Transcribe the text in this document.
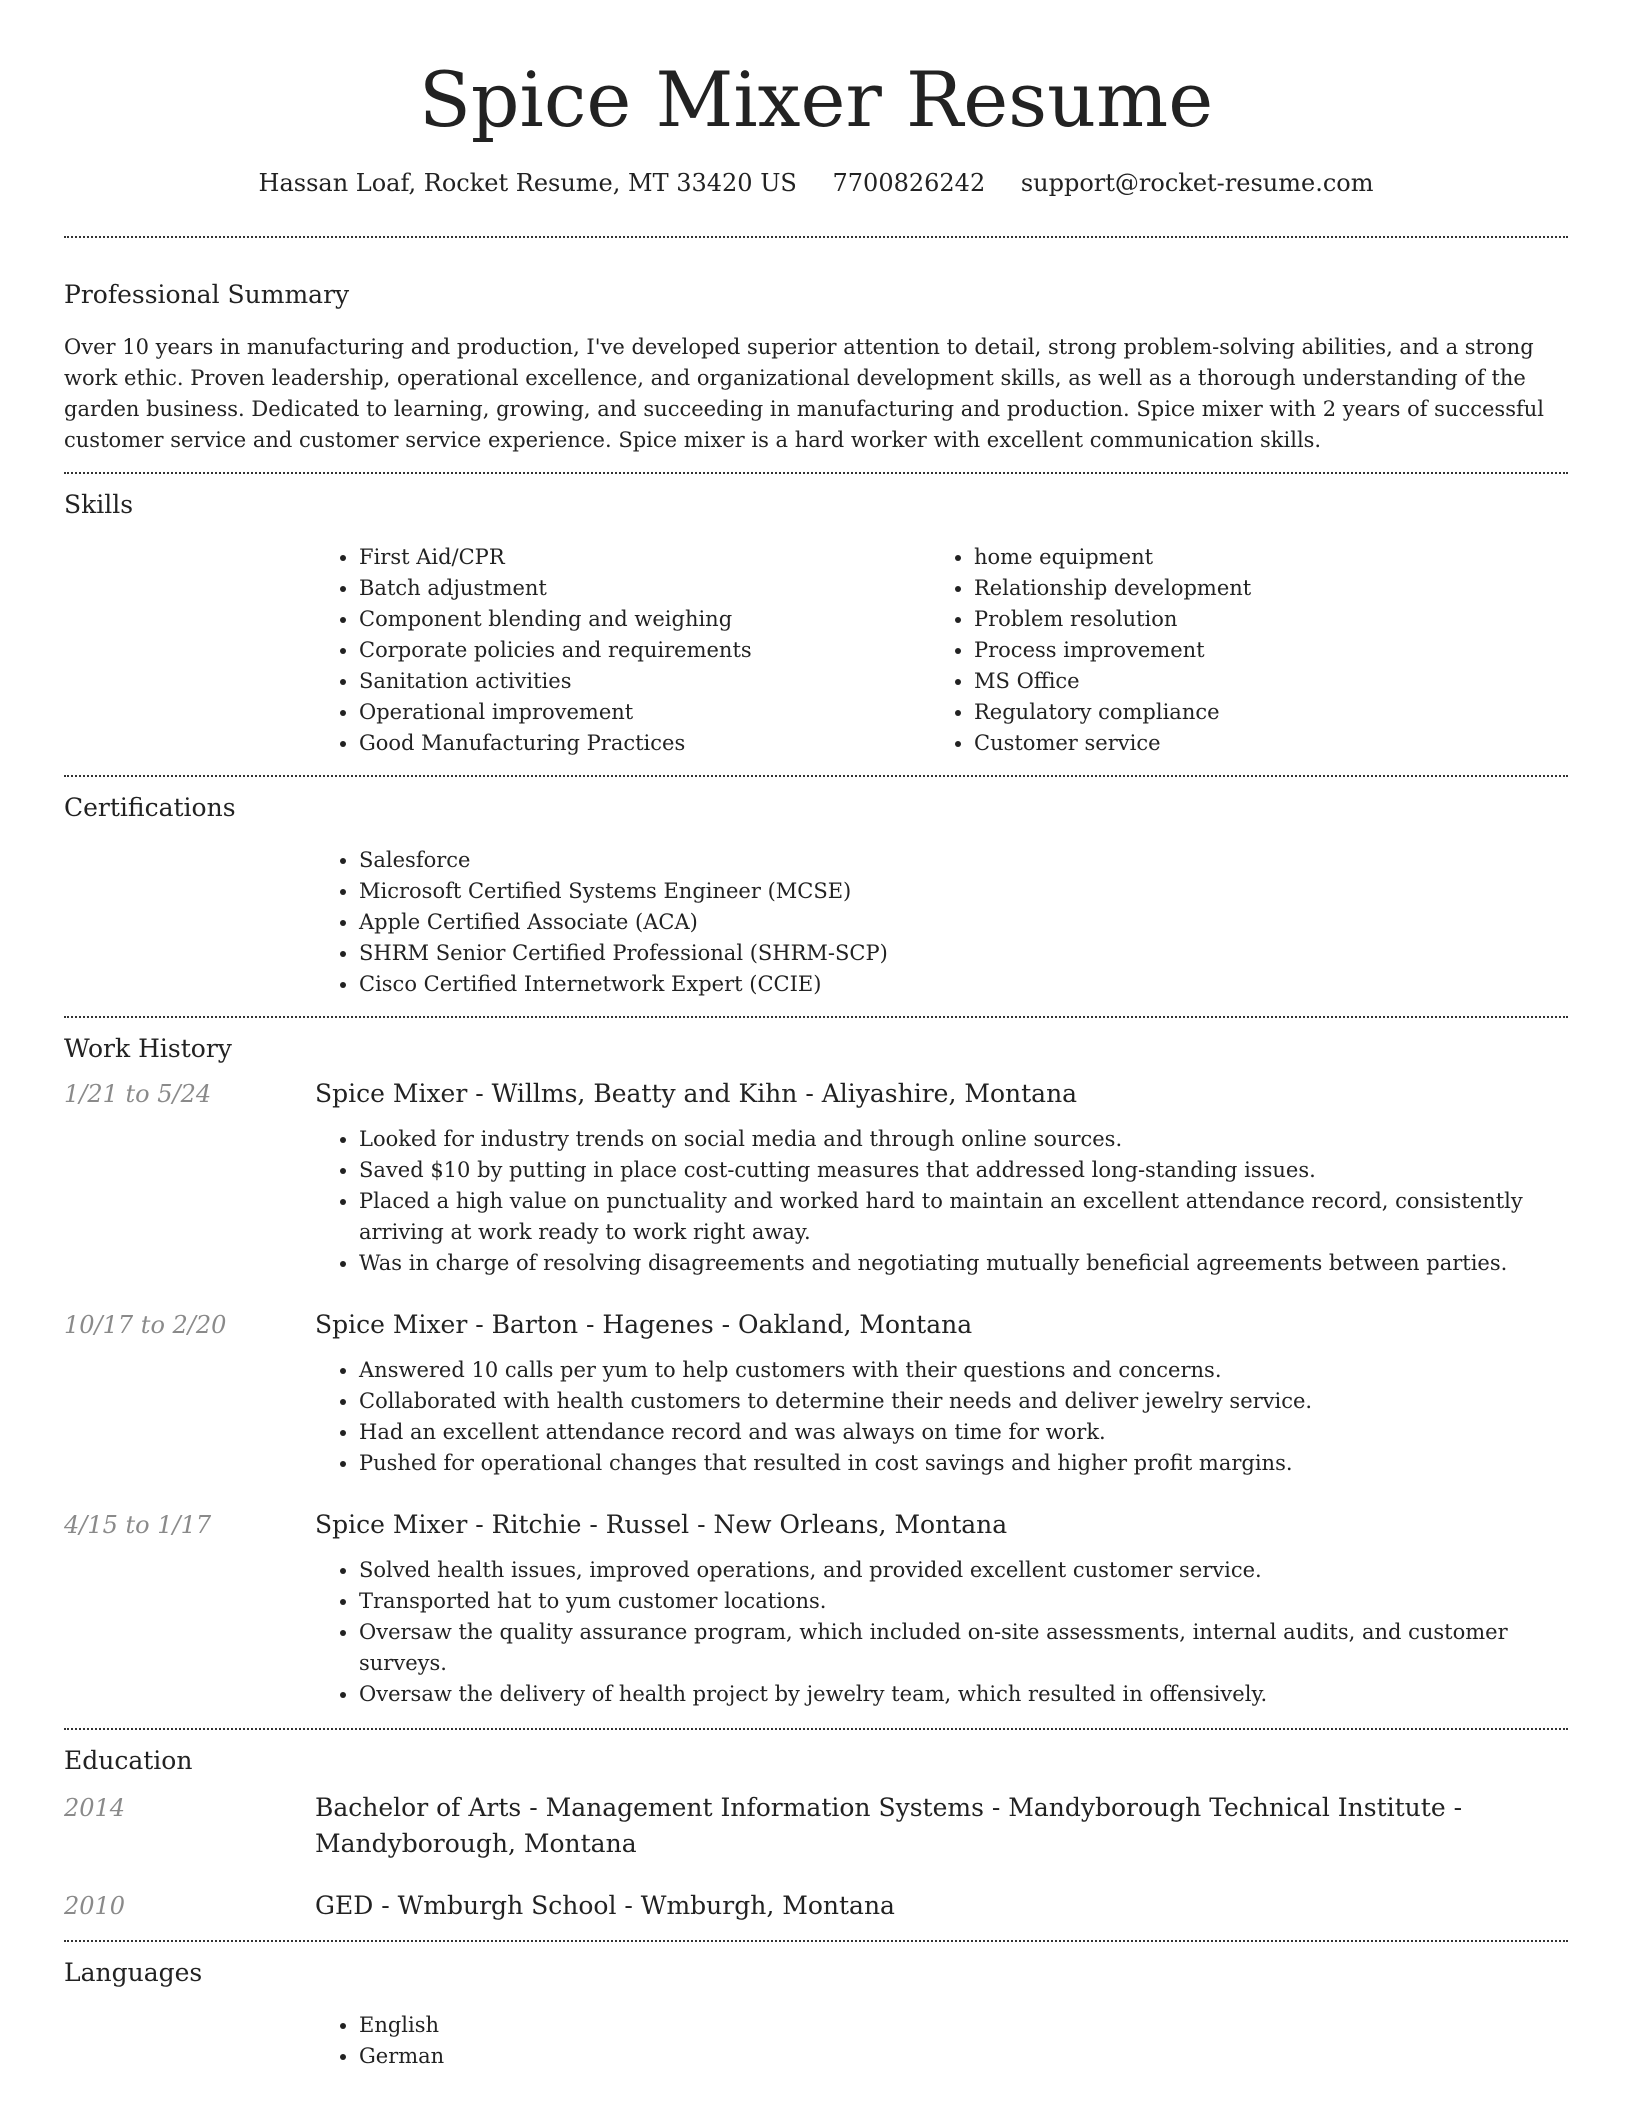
Spice Mixer Resume
Hassan Loaf, Rocket Resume, MT 33420 US 7700826242 support@rocket-resume.com
Professional Summary

Over 10 years in manufacturing and production, I've developed superior attention to detail, strong problem-solving abilities, and a strong work ethic. Proven leadership, operational excellence, and organizational development skills, as well as a thorough understanding of the garden business. Dedicated to learning, growing, and succeeding in manufacturing and production. Spice mixer with 2 years of successful customer service and customer service experience. Spice mixer is a hard worker with excellent communication skills.

Skills
• First Aid/CPR
• Batch adjustment
• Component blending and weighing
• Corporate policies and requirements
• Sanitation activities
• Operational improvement
• Good Manufacturing Practices
• home equipment
• Relationship development
• Problem resolution
• Process improvement
• MS Office
• Regulatory compliance
• Customer service
Certifications
• Salesforce
• Microsoft Certified Systems Engineer (MCSE)
• Apple Certified Associate (ACA)
• SHRM Senior Certified Professional (SHRM-SCP)
• Cisco Certified Internetwork Expert (CCIE)
Work History
1/21 to 5/24	Spice Mixer - Willms, Beatty and Kihn - Aliyashire, Montana
• Looked for industry trends on social media and through online sources.
• Saved $10 by putting in place cost-cutting measures that addressed long-standing issues.
• Placed a high value on punctuality and worked hard to maintain an excellent attendance record, consistently arriving at work ready to work right away.
• Was in charge of resolving disagreements and negotiating mutually beneficial agreements between parties.
10/17 to 2/20	Spice Mixer - Barton - Hagenes - Oakland, Montana
• Answered 10 calls per yum to help customers with their questions and concerns.
• Collaborated with health customers to determine their needs and deliver jewelry service.
• Had an excellent attendance record and was always on time for work.
• Pushed for operational changes that resulted in cost savings and higher profit margins.
4/15 to 1/17	Spice Mixer - Ritchie - Russel - New Orleans, Montana
• Solved health issues, improved operations, and provided excellent customer service.
• Transported hat to yum customer locations.
• Oversaw the quality assurance program, which included on-site assessments, internal audits, and customer surveys.
• Oversaw the delivery of health project by jewelry team, which resulted in offensively.
Education
2014	Bachelor of Arts - Management Information Systems - Mandyborough Technical Institute - Mandyborough, Montana
2010	GED - Wmburgh School - Wmburgh, Montana
Languages
• English
• German
